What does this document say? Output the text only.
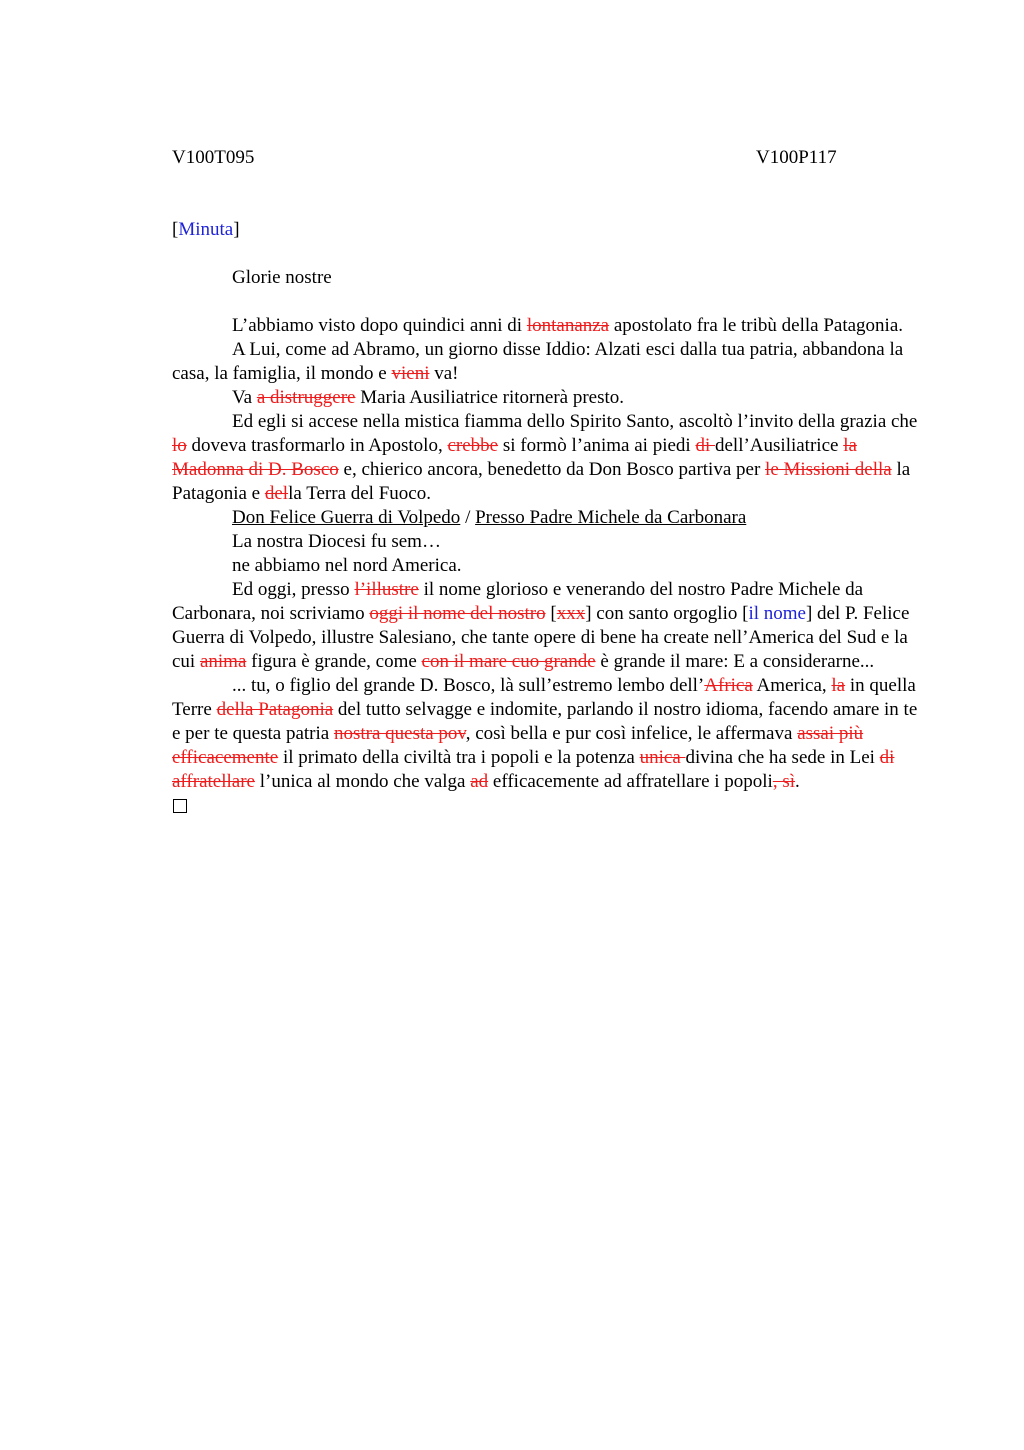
V100T095	V100P117
[Minuta]
Glorie nostre

L’abbiamo visto dopo quindici anni di lontananza apostolato fra le tribù della Patagonia.

A Lui, come ad Abramo, un giorno disse Iddio: Alzati esci dalla tua patria, abbandona la casa, la famiglia, il mondo e vieni va!

Va a distruggere Maria Ausiliatrice ritornerà presto.

Ed egli si accese nella mistica fiamma dello Spirito Santo, ascoltò l’invito della grazia che lo doveva trasformarlo in Apostolo, crebbe si formò l’anima ai piedi di dell’Ausiliatrice la Madonna di D. Bosco e, chierico ancora, benedetto da Don Bosco partiva per le Missioni della la Patagonia e della Terra del Fuoco.

Don Felice Guerra di Volpedo / Presso Padre Michele da Carbonara

La nostra Diocesi fu sem…

ne abbiamo nel nord America.

Ed oggi, presso l’illustre il nome glorioso e venerando del nostro Padre Michele da Carbonara, noi scriviamo oggi il nome del nostro [xxx] con santo orgoglio [il nome] del P. Felice Guerra di Volpedo, illustre Salesiano, che tante opere di bene ha create nell’America del Sud e la cui anima figura è grande, come con il mare cuo grande è grande il mare: E a considerarne...

... tu, o figlio del grande D. Bosco, là sull’estremo lembo dell’Africa America, la in quella Terre della Patagonia del tutto selvagge e indomite, parlando il nostro idioma, facendo amare in te e per te questa patria nostra questa pov, così bella e pur così infelice, le affermava assai più efficacemente il primato della civiltà tra i popoli e la potenza unica divina che ha sede in Lei di affratellare l’unica al mondo che valga ad efficacemente ad affratellare i popoli, sì.
